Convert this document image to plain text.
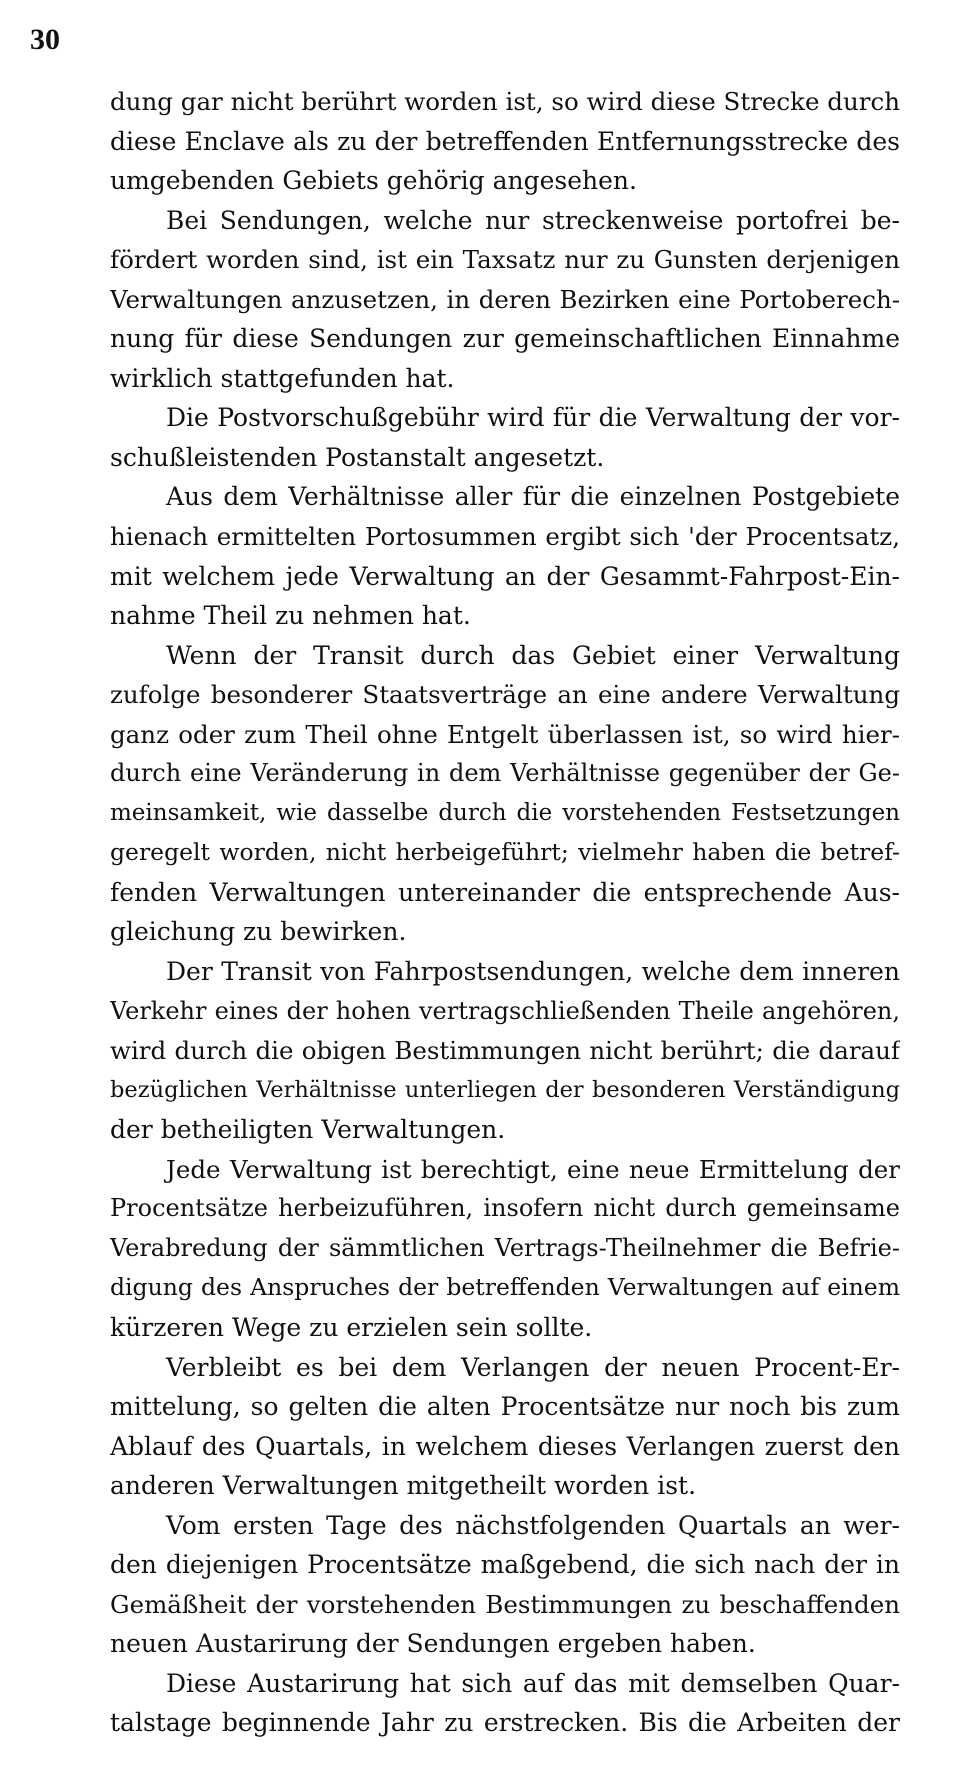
30
dung gar nicht berührt worden ist, so wird diese Strecke durch
diese Enclave als zu der betreffenden Entfernungsstrecke des
umgebenden Gebiets gehörig angesehen.
Bei Sendungen, welche nur streckenweise portofrei be-
fördert worden sind, ist ein Taxsatz nur zu Gunsten derjenigen
Verwaltungen anzusetzen, in deren Bezirken eine Portoberech-
nung für diese Sendungen zur gemeinschaftlichen Einnahme
wirklich stattgefunden hat.
Die Postvorschußgebühr wird für die Verwaltung der vor-
schußleistenden Postanstalt angesetzt.
Aus dem Verhältnisse aller für die einzelnen Postgebiete
hienach ermittelten Portosummen ergibt sich 'der Procentsatz,
mit welchem jede Verwaltung an der Gesammt-Fahrpost-Ein-
nahme Theil zu nehmen hat.
Wenn der Transit durch das Gebiet einer Verwaltung
zufolge besonderer Staatsverträge an eine andere Verwaltung
ganz oder zum Theil ohne Entgelt überlassen ist, so wird hier-
durch eine Veränderung in dem Verhältnisse gegenüber der Ge-
meinsamkeit, wie dasselbe durch die vorstehenden Festsetzungen
geregelt worden, nicht herbeigeführt; vielmehr haben die betref-
fenden Verwaltungen untereinander die entsprechende Aus-
gleichung zu bewirken.
Der Transit von Fahrpostsendungen, welche dem inneren
Verkehr eines der hohen vertragschließenden Theile angehören,
wird durch die obigen Bestimmungen nicht berührt; die darauf
bezüglichen Verhältnisse unterliegen der besonderen Verständigung
der betheiligten Verwaltungen.
Jede Verwaltung ist berechtigt, eine neue Ermittelung der
Procentsätze herbeizuführen, insofern nicht durch gemeinsame
Verabredung der sämmtlichen Vertrags-Theilnehmer die Befrie-
digung des Anspruches der betreffenden Verwaltungen auf einem
kürzeren Wege zu erzielen sein sollte.
Verbleibt es bei dem Verlangen der neuen Procent-Er-
mittelung, so gelten die alten Procentsätze nur noch bis zum
Ablauf des Quartals, in welchem dieses Verlangen zuerst den
anderen Verwaltungen mitgetheilt worden ist.
Vom ersten Tage des nächstfolgenden Quartals an wer-
den diejenigen Procentsätze maßgebend, die sich nach der in
Gemäßheit der vorstehenden Bestimmungen zu beschaffenden
neuen Austarirung der Sendungen ergeben haben.
Diese Austarirung hat sich auf das mit demselben Quar-
talstage beginnende Jahr zu erstrecken. Bis die Arbeiten der
